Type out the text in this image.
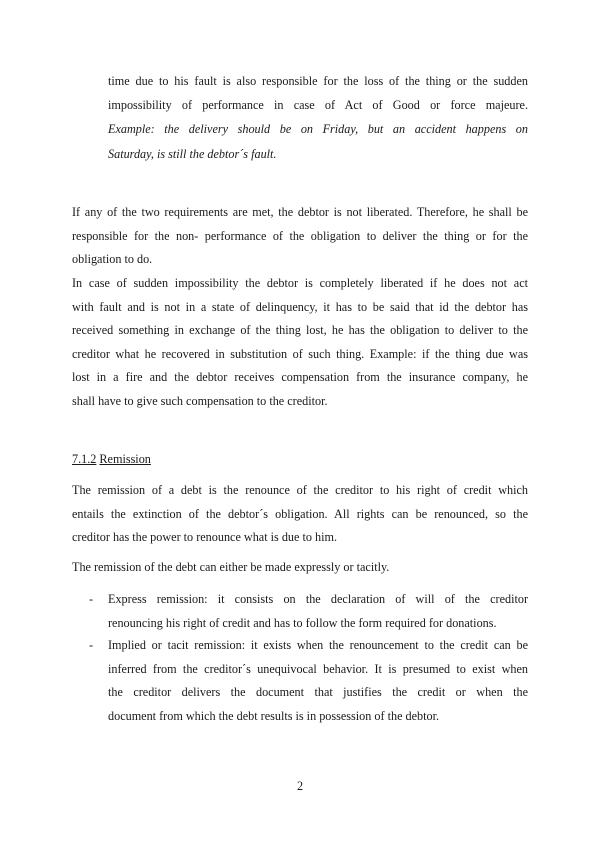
time due to his fault is also responsible for the loss of the thing or the sudden

impossibility of performance in case of Act of Good or force majeure.

Example: the delivery should be on Friday, but an accident happens on

Saturday, is still the debtor´s fault.

If any of the two requirements are met, the debtor is not liberated. Therefore, he shall be

responsible for the non- performance of the obligation to deliver the thing or for the

obligation to do.

In case of sudden impossibility the debtor is completely liberated if he does not act

with fault and is not in a state of delinquency, it has to be said that id the debtor has

received something in exchange of the thing lost, he has the obligation to deliver to the

creditor what he recovered in substitution of such thing. Example: if the thing due was

lost in a fire and the debtor receives compensation from the insurance company, he

shall have to give such compensation to the creditor.

7.1.2 Remission

The remission of a debt is the renounce of the creditor to his right of credit which

entails the extinction of the debtor´s obligation. All rights can be renounced, so the

creditor has the power to renounce what is due to him.

The remission of the debt can either be made expressly or tacitly.

- Express remission: it consists on the declaration of will of the creditor

renouncing his right of credit and has to follow the form required for donations.

- Implied or tacit remission: it exists when the renouncement to the credit can be

inferred from the creditor´s unequivocal behavior. It is presumed to exist when

the creditor delivers the document that justifies the credit or when the

document from which the debt results is in possession of the debtor.

2
